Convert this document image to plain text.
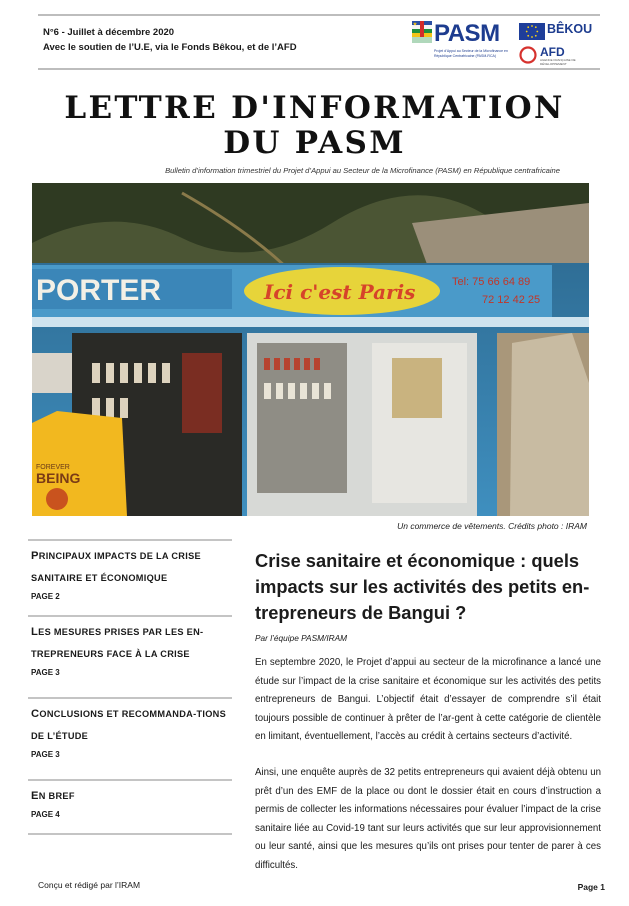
N°6 - Juillet à décembre 2020
Avec le soutien de l’U.E, via le Fonds Bêkou, et de l’AFD
PASM
Projet d’Appui au Secteur de la Microfinance en République Centrafricaine (PASM-RCA)
BÊKOU
AFD
AGENCE FRANÇAISE DE DÉVELOPPEMENT
LETTRE D'INFORMATION
DU PASM
Bulletin d’information trimestriel du Projet d’Appui au Secteur de la Microfinance (PASM) en République centrafricaine
PORTER	Ici c'est Paris	Tel: 75 66 64 89
72 12 42 25
FOREVER
BEING
Un commerce de vêtements. Crédits photo : IRAM
PRINCIPAUX IMPACTS DE LA CRISE SANITAIRE ET ÉCONOMIQUE
PAGE 2
LES MESURES PRISES PAR LES EN-TREPRENEURS FACE À LA CRISE
PAGE 3
CONCLUSIONS ET RECOMMANDA-TIONS DE L’ÉTUDE
PAGE 3
EN BREF
PAGE 4
Crise sanitaire et économique : quels impacts sur les activités des petits en-trepreneurs de Bangui ?
Par l’équipe PASM/IRAM
En septembre 2020, le Projet d’appui au secteur de la microfinance a lancé une étude sur l’impact de la crise sanitaire et économique sur les activités des petits entrepreneurs de Bangui. L’objectif était d’essayer de comprendre s’il était toujours possible de continuer à prêter de l’ar-gent à cette catégorie de clientèle en limitant, éventuellement, l’accès au crédit à certains secteurs d’activité.
Ainsi, une enquête auprès de 32 petits entrepreneurs qui avaient déjà obtenu un prêt d’un des EMF de la place ou dont le dossier était en cours d’instruction a permis de collecter les informations nécessaires pour évaluer l’impact de la crise sanitaire liée au Covid-19 tant sur leurs activités que sur leur approvisionnement ou leur santé, ainsi que les mesures qu’ils ont prises pour tenter de parer à ces difficultés.
Conçu et rédigé par l’IRAM	Page 1
